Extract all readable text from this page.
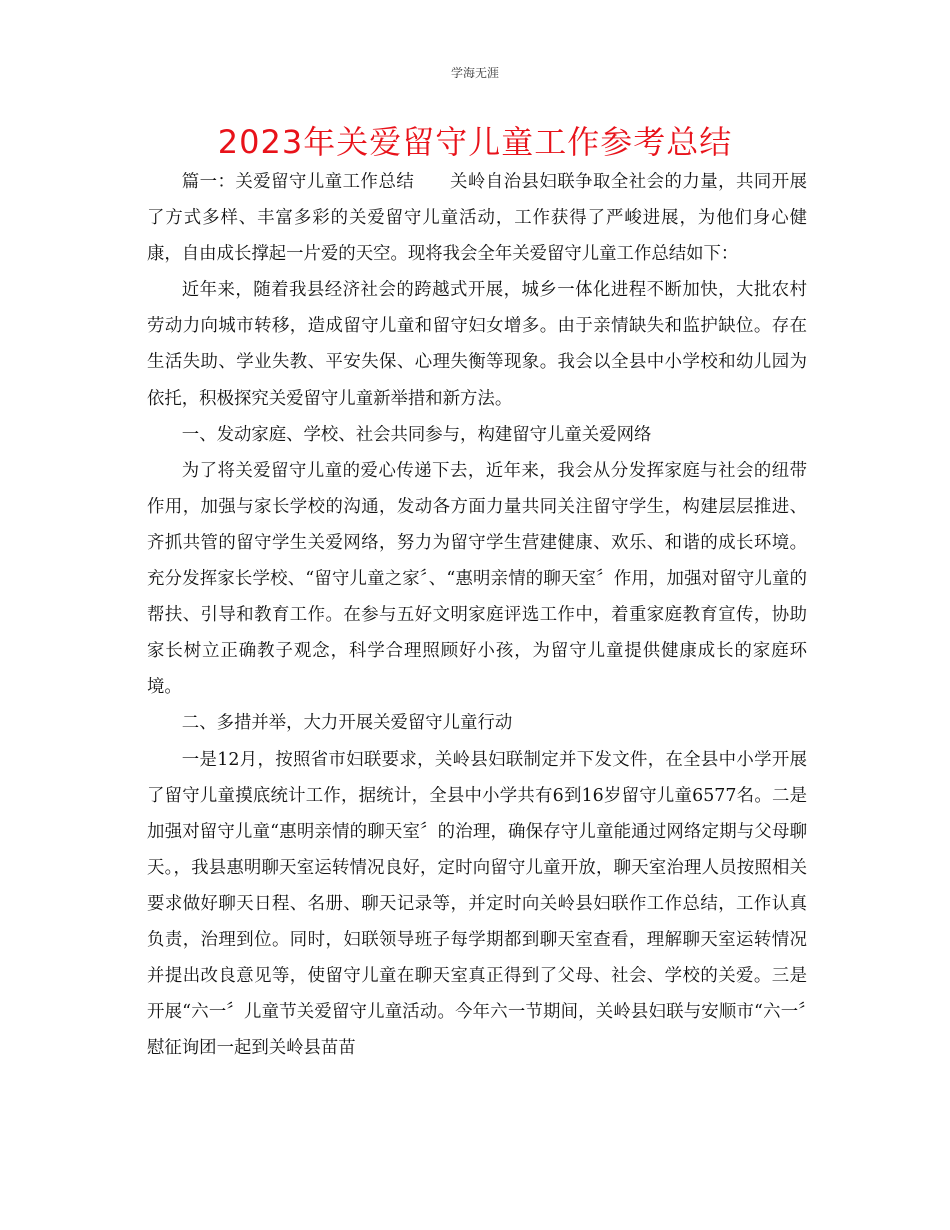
学海无涯
2023年关爱留守儿童工作参考总结

篇一：关爱留守儿童工作总结　　关岭自治县妇联争取全社会的力量，共同开展了方式多样、丰富多彩的关爱留守儿童活动，工作获得了严峻进展，为他们身心健康，自由成长撑起一片爱的天空。现将我会全年关爱留守儿童工作总结如下：

近年来，随着我县经济社会的跨越式开展，城乡一体化进程不断加快，大批农村劳动力向城市转移，造成留守儿童和留守妇女增多。由于亲情缺失和监护缺位。存在生活失助、学业失教、平安失保、心理失衡等现象。我会以全县中小学校和幼儿园为依托，积极探究关爱留守儿童新举措和新方法。

一、发动家庭、学校、社会共同参与，构建留守儿童关爱网络

为了将关爱留守儿童的爱心传递下去，近年来，我会从分发挥家庭与社会的纽带作用，加强与家长学校的沟通，发动各方面力量共同关注留守学生，构建层层推进、齐抓共管的留守学生关爱网络，努力为留守学生营建健康、欢乐、和谐的成长环境。充分发挥家长学校、“留守儿童之家〞、“惠明亲情的聊天室〞作用，加强对留守儿童的帮扶、引导和教育工作。在参与五好文明家庭评选工作中，着重家庭教育宣传，协助家长树立正确教子观念，科学合理照顾好小孩，为留守儿童提供健康成长的家庭环境。

二、多措并举，大力开展关爱留守儿童行动

一是12月，按照省市妇联要求，关岭县妇联制定并下发文件，在全县中小学开展了留守儿童摸底统计工作，据统计，全县中小学共有6到16岁留守儿童6577名。二是加强对留守儿童“惠明亲情的聊天室〞的治理，确保存守儿童能通过网络定期与父母聊天。，我县惠明聊天室运转情况良好，定时向留守儿童开放，聊天室治理人员按照相关要求做好聊天日程、名册、聊天记录等，并定时向关岭县妇联作工作总结，工作认真负责，治理到位。同时，妇联领导班子每学期都到聊天室查看，理解聊天室运转情况并提出改良意见等，使留守儿童在聊天室真正得到了父母、社会、学校的关爱。三是开展“六一〞儿童节关爱留守儿童活动。今年六一节期间，关岭县妇联与安顺市“六一〞慰征询团一起到关岭县苗苗
